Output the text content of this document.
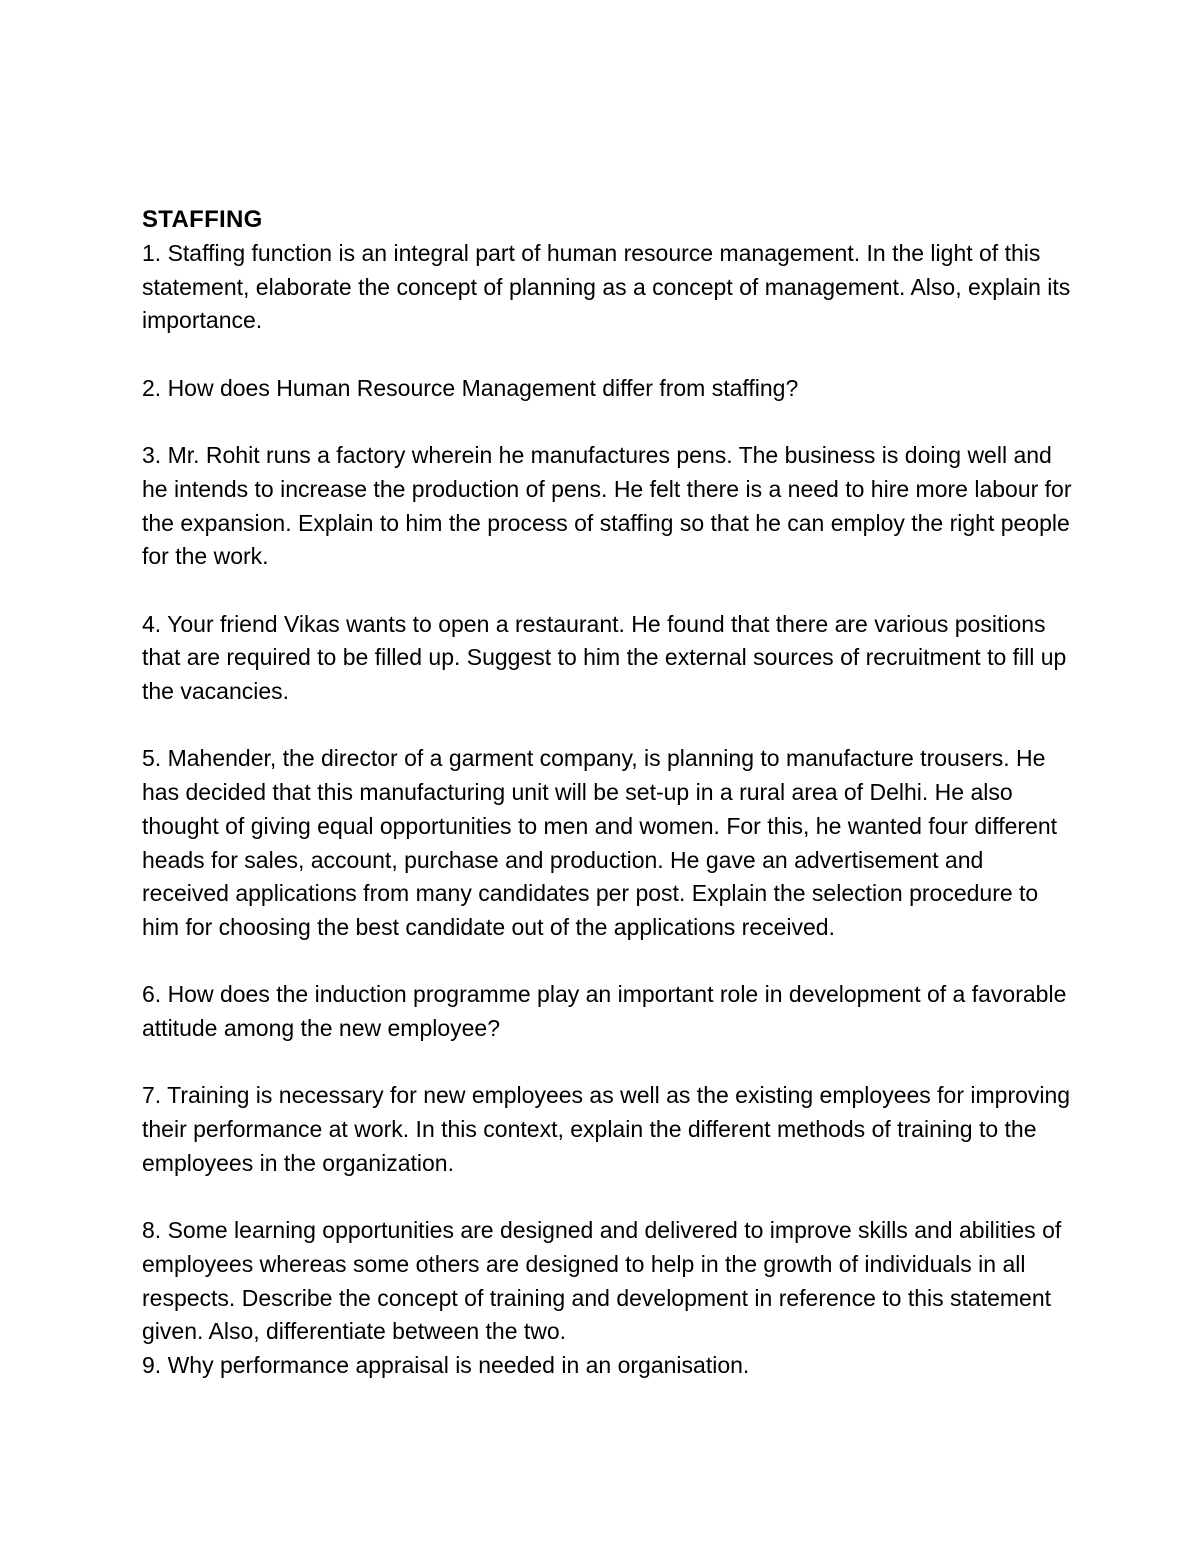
STAFFING

1. Staffing function is an integral part of human resource management. In the light of this statement, elaborate the concept of planning as a concept of management. Also, explain its importance.

2. How does Human Resource Management differ from staffing?

3. Mr. Rohit runs a factory wherein he manufactures pens. The business is doing well and he intends to increase the production of pens. He felt there is a need to hire more labour for the expansion. Explain to him the process of staffing so that he can employ the right people for the work.

4. Your friend Vikas wants to open a restaurant. He found that there are various positions that are required to be filled up. Suggest to him the external sources of recruitment to fill up the vacancies.

5. Mahender, the director of a garment company, is planning to manufacture trousers. He has decided that this manufacturing unit will be set-up in a rural area of Delhi. He also thought of giving equal opportunities to men and women. For this, he wanted four different heads for sales, account, purchase and production. He gave an advertisement and received applications from many candidates per post. Explain the selection procedure to him for choosing the best candidate out of the applications received.

6. How does the induction programme play an important role in development of a favorable attitude among the new employee?

7. Training is necessary for new employees as well as the existing employees for improving their performance at work. In this context, explain the different methods of training to the employees in the organization.

8. Some learning opportunities are designed and delivered to improve skills and abilities of employees whereas some others are designed to help in the growth of individuals in all respects. Describe the concept of training and development in reference to this statement given. Also, differentiate between the two.

9. Why performance appraisal is needed in an organisation.
